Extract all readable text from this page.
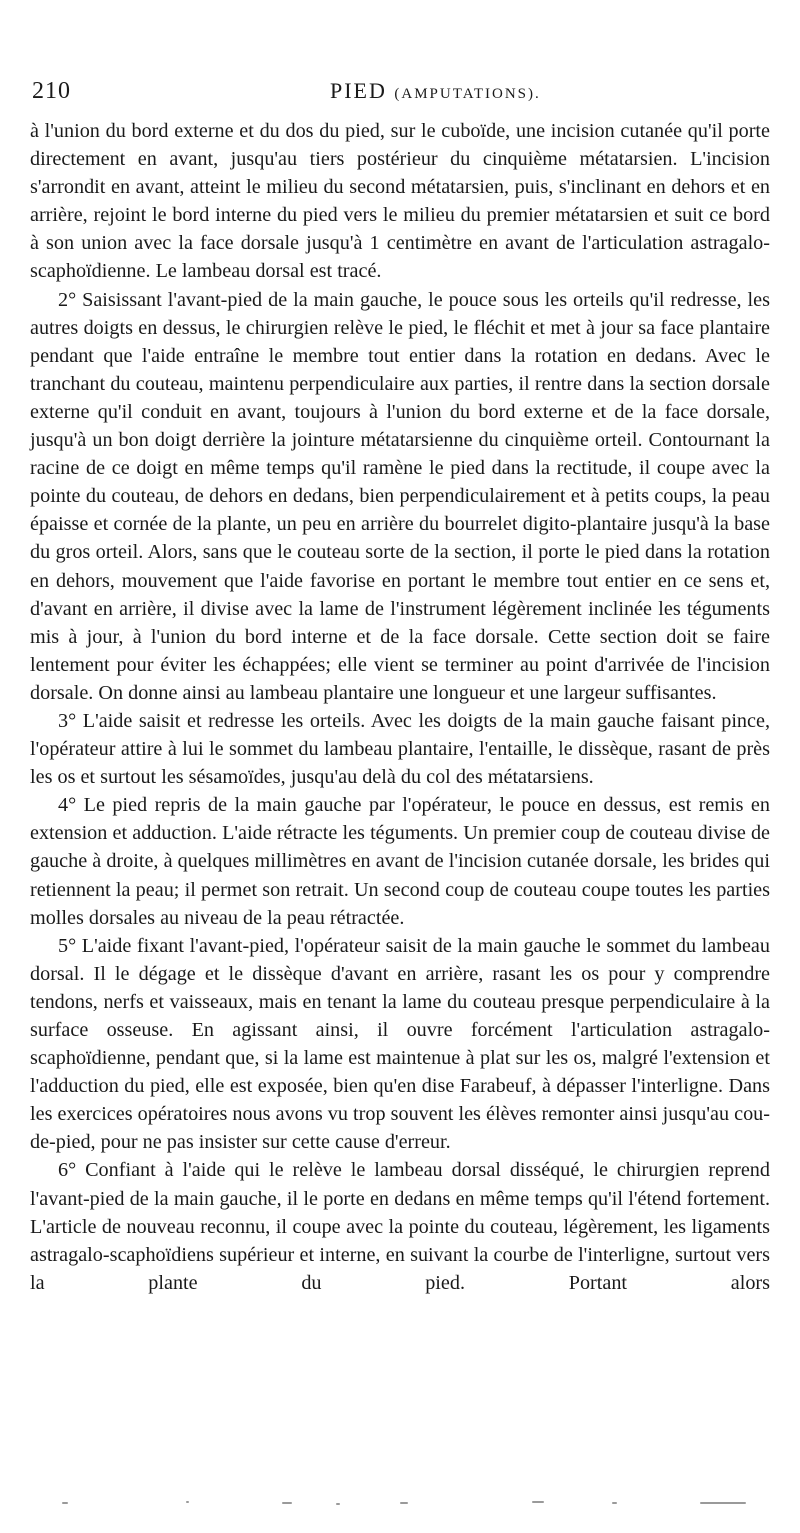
210	PIED (AMPUTATIONS).

à l'union du bord externe et du dos du pied, sur le cuboïde, une incision cutanée qu'il porte directement en avant, jusqu'au tiers postérieur du cinquième métatarsien. L'incision s'arrondit en avant, atteint le milieu du second métatarsien, puis, s'inclinant en dehors et en arrière, rejoint le bord interne du pied vers le milieu du premier métatarsien et suit ce bord à son union avec la face dorsale jusqu'à 1 centimètre en avant de l'articulation astragalo-scaphoïdienne. Le lambeau dorsal est tracé.

2° Saisissant l'avant-pied de la main gauche, le pouce sous les orteils qu'il redresse, les autres doigts en dessus, le chirurgien relève le pied, le fléchit et met à jour sa face plantaire pendant que l'aide entraîne le membre tout entier dans la rotation en dedans. Avec le tranchant du couteau, maintenu perpendiculaire aux parties, il rentre dans la section dorsale externe qu'il conduit en avant, toujours à l'union du bord externe et de la face dorsale, jusqu'à un bon doigt derrière la jointure métatarsienne du cinquième orteil. Contournant la racine de ce doigt en même temps qu'il ramène le pied dans la rectitude, il coupe avec la pointe du couteau, de dehors en dedans, bien perpendiculairement et à petits coups, la peau épaisse et cornée de la plante, un peu en arrière du bourrelet digito-plantaire jusqu'à la base du gros orteil. Alors, sans que le couteau sorte de la section, il porte le pied dans la rotation en dehors, mouvement que l'aide favorise en portant le membre tout entier en ce sens et, d'avant en arrière, il divise avec la lame de l'instrument légèrement inclinée les téguments mis à jour, à l'union du bord interne et de la face dorsale. Cette section doit se faire lentement pour éviter les échappées; elle vient se terminer au point d'arrivée de l'incision dorsale. On donne ainsi au lambeau plantaire une longueur et une largeur suffisantes.

3° L'aide saisit et redresse les orteils. Avec les doigts de la main gauche faisant pince, l'opérateur attire à lui le sommet du lambeau plantaire, l'entaille, le dissèque, rasant de près les os et surtout les sésamoïdes, jusqu'au delà du col des métatarsiens.

4° Le pied repris de la main gauche par l'opérateur, le pouce en dessus, est remis en extension et adduction. L'aide rétracte les téguments. Un premier coup de couteau divise de gauche à droite, à quelques millimètres en avant de l'incision cutanée dorsale, les brides qui retiennent la peau; il permet son retrait. Un second coup de couteau coupe toutes les parties molles dorsales au niveau de la peau rétractée.

5° L'aide fixant l'avant-pied, l'opérateur saisit de la main gauche le sommet du lambeau dorsal. Il le dégage et le dissèque d'avant en arrière, rasant les os pour y comprendre tendons, nerfs et vaisseaux, mais en tenant la lame du couteau presque perpendiculaire à la surface osseuse. En agissant ainsi, il ouvre forcément l'articulation astragalo-scaphoïdienne, pendant que, si la lame est maintenue à plat sur les os, malgré l'extension et l'adduction du pied, elle est exposée, bien qu'en dise Farabeuf, à dépasser l'interligne. Dans les exercices opératoires nous avons vu trop souvent les élèves remonter ainsi jusqu'au cou-de-pied, pour ne pas insister sur cette cause d'erreur.

6° Confiant à l'aide qui le relève le lambeau dorsal disséqué, le chirurgien reprend l'avant-pied de la main gauche, il le porte en dedans en même temps qu'il l'étend fortement. L'article de nouveau reconnu, il coupe avec la pointe du couteau, légèrement, les ligaments astragalo-scaphoïdiens supérieur et interne, en suivant la courbe de l'interligne, surtout vers la plante du pied. Portant alors
